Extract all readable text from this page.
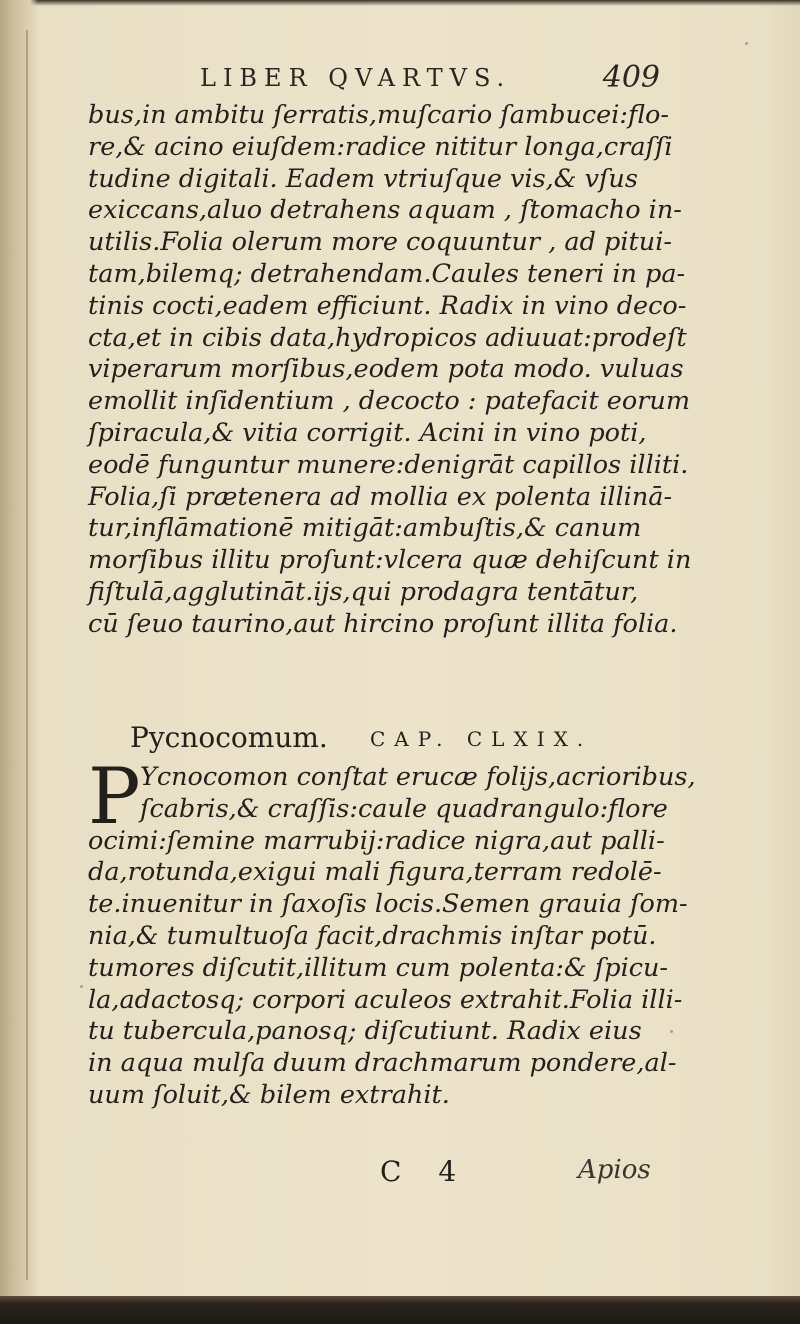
LIBER QVARTVS.	409
bus,in ambitu ſerratis,muſcario ſambucei:flo-
re,& acino eiuſdem:radice nititur longa,craſſi
tudine digitali. Eadem vtriuſque vis,& vſus
exiccans,aluo detrahens aquam , ſtomacho in-
utilis.Folia olerum more coquuntur , ad pitui-
tam,bilemq; detrahendam.Caules teneri in pa-
tinis cocti,eadem efficiunt. Radix in vino deco-
cta,et in cibis data,hydropicos adiuuat:prodeſt
viperarum morſibus,eodem pota modo. vuluas
emollit inſidentium , decocto : patefacit eorum
ſpiracula,& vitia corrigit. Acini in vino poti,
eodē funguntur munere:denigrāt capillos illiti.
Folia,ſi prætenera ad mollia ex polenta illinā-
tur,inflāmationē mitigāt:ambuſtis,& canum
morſibus illitu proſunt:vlcera quæ dehiſcunt in
fiſtulā,agglutināt.ijs,qui prodagra tentātur,
cū ſeuo taurino,aut hircino proſunt illita folia.
Pycnocomum. CAP. CLXIX.
P Ycnocomon conſtat erucæ folijs,acrioribus,
ſcabris,& craſſis:caule quadrangulo:flore
ocimi:ſemine marrubij:radice nigra,aut palli-
da,rotunda,exigui mali figura,terram redolē-
te.inuenitur in ſaxoſis locis.Semen grauia ſom-
nia,& tumultuoſa facit,drachmis inſtar potū.
tumores diſcutit,illitum cum polenta:& ſpicu-
la,adactosq; corpori aculeos extrahit.Folia illi-
tu tubercula,panosq; diſcutiunt. Radix eius
in aqua mulſa duum drachmarum pondere,al-
uum ſoluit,& bilem extrahit.
C 4	Apios
